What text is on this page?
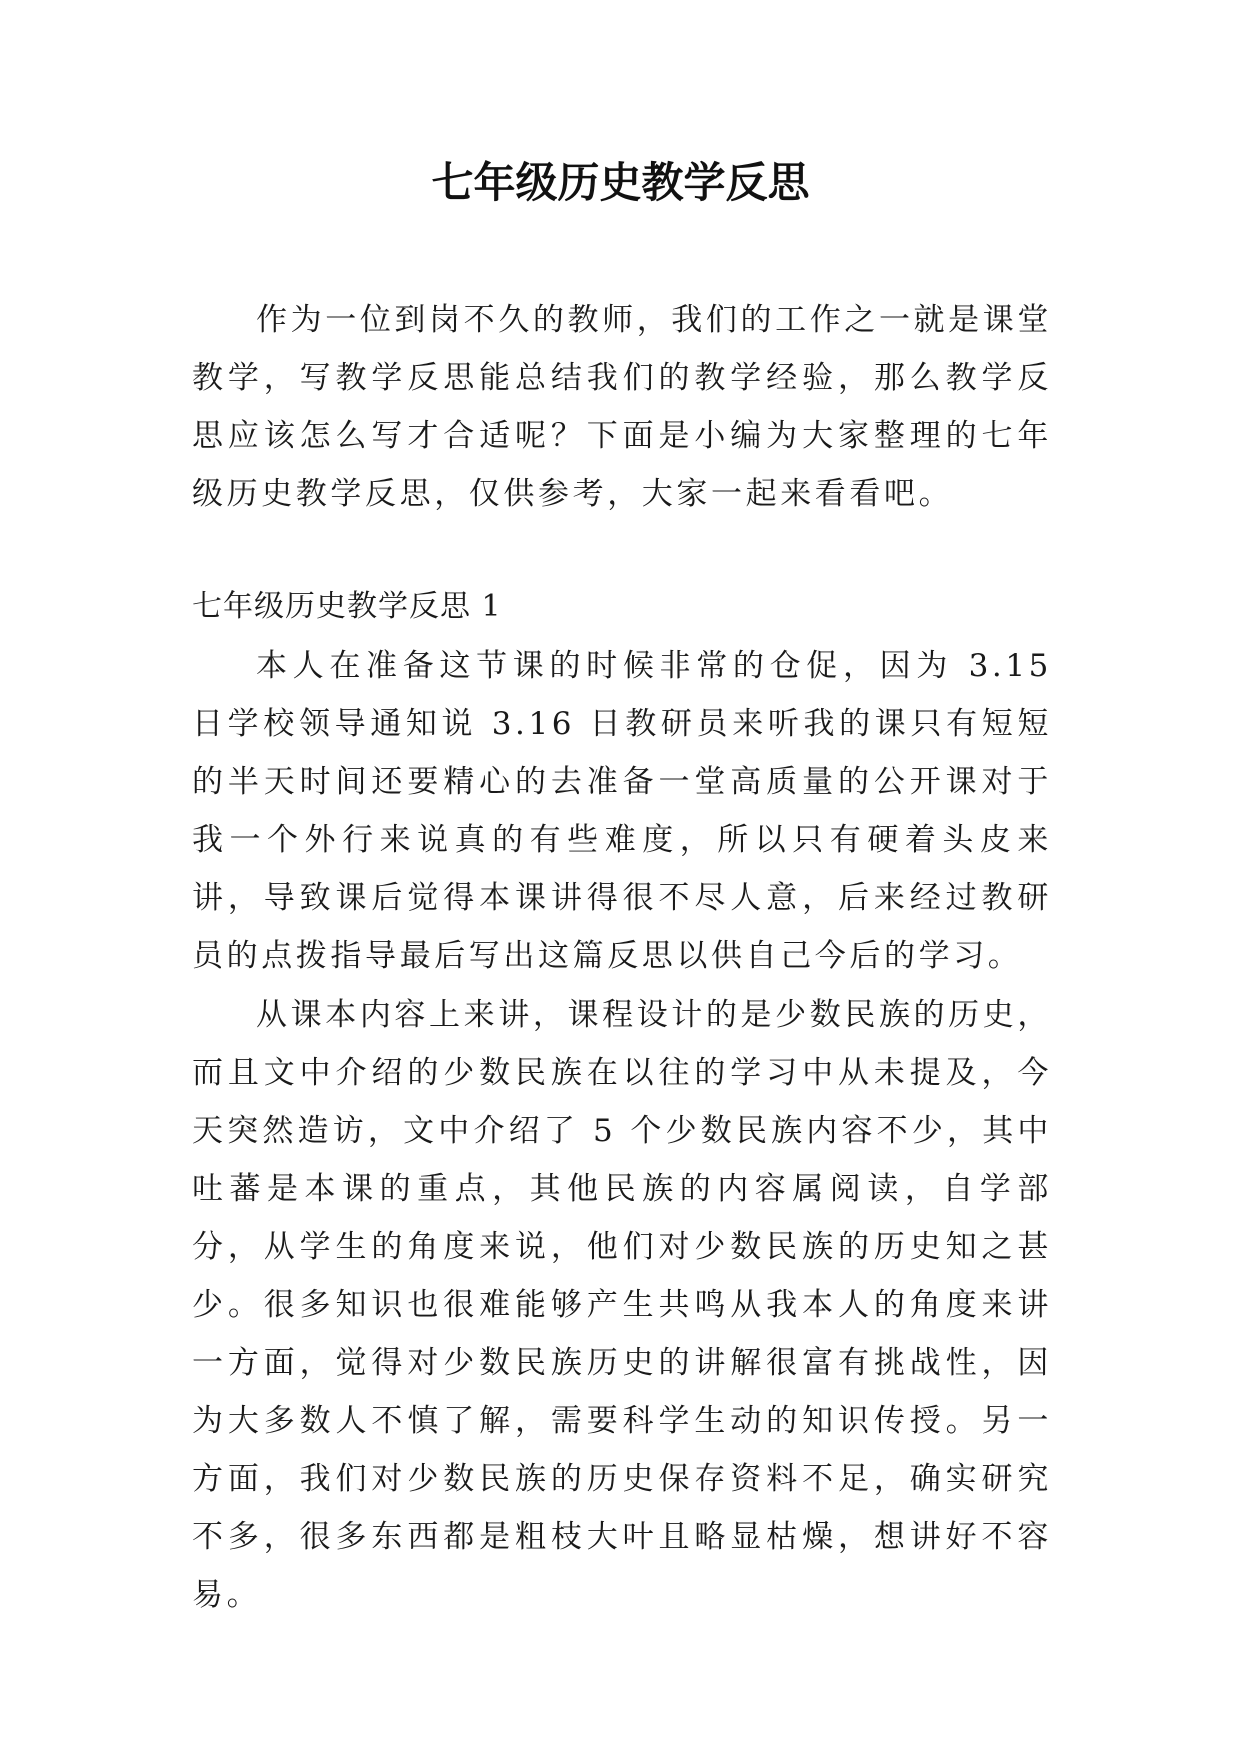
七年级历史教学反思

作为一位到岗不久的教师，我们的工作之一就是课堂教学，写教学反思能总结我们的教学经验，那么教学反思应该怎么写才合适呢？下面是小编为大家整理的七年级历史教学反思，仅供参考，大家一起来看看吧。

七年级历史教学反思 1

本人在准备这节课的时候非常的仓促，因为 3.15 日学校领导通知说 3.16 日教研员来听我的课只有短短的半天时间还要精心的去准备一堂高质量的公开课对于我一个外行来说真的有些难度，所以只有硬着头皮来讲，导致课后觉得本课讲得很不尽人意，后来经过教研员的点拨指导最后写出这篇反思以供自己今后的学习。

从课本内容上来讲，课程设计的是少数民族的历史，而且文中介绍的少数民族在以往的学习中从未提及，今天突然造访，文中介绍了 5 个少数民族内容不少，其中吐蕃是本课的重点，其他民族的内容属阅读，自学部分，从学生的角度来说，他们对少数民族的历史知之甚少。很多知识也很难能够产生共鸣从我本人的角度来讲一方面，觉得对少数民族历史的讲解很富有挑战性，因为大多数人不慎了解，需要科学生动的知识传授。另一方面，我们对少数民族的历史保存资料不足，确实研究不多，很多东西都是粗枝大叶且略显枯燥，想讲好不容易。
